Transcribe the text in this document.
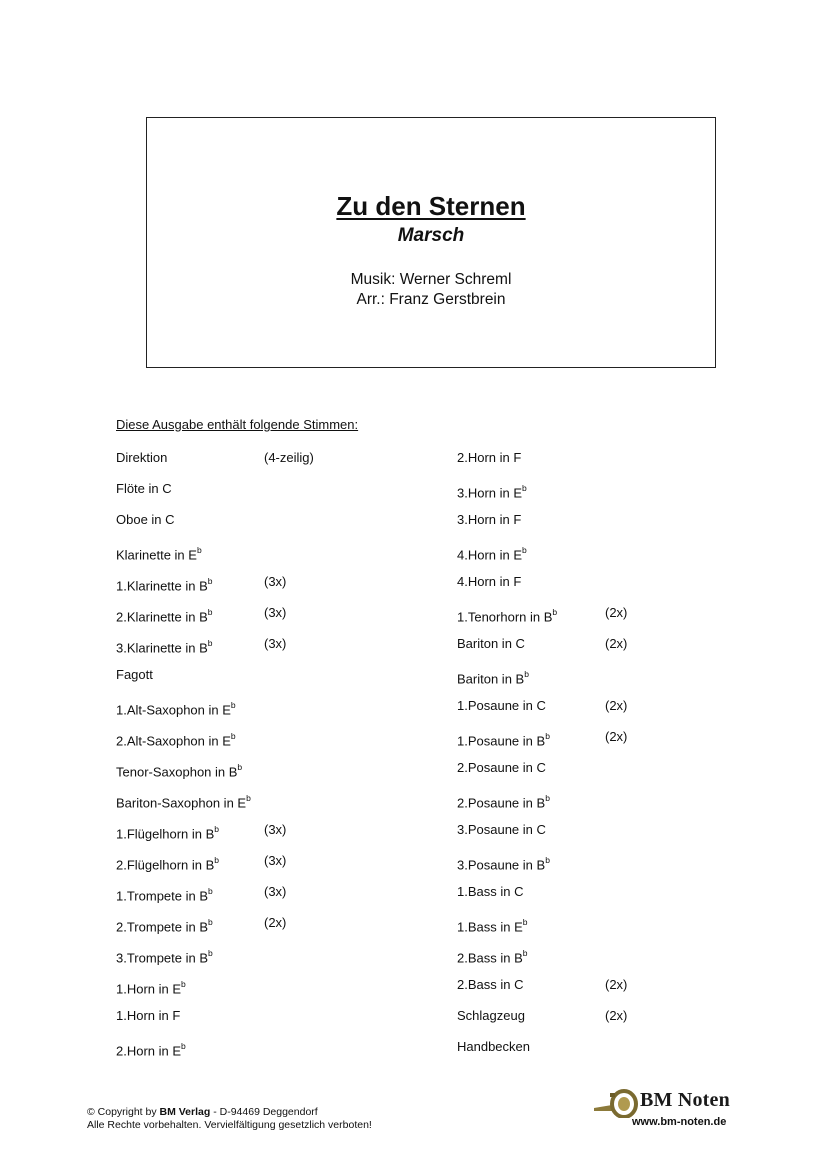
Zu den Sternen
Marsch
Musik: Werner Schreml
Arr.: Franz Gerstbrein
Diese Ausgabe enthält folgende Stimmen:
Direktion	(4-zeilig)
Flöte in C
Oboe in C
Klarinette in $E^b$
1.Klarinette in $B^b$	(3x)
2.Klarinette in $B^b$	(3x)
3.Klarinette in $B^b$	(3x)
Fagott
1.Alt-Saxophon in $E^b$
2.Alt-Saxophon in $E^b$
Tenor-Saxophon in $B^b$
Bariton-Saxophon in $E^b$
1.Flügelhorn in $B^b$	(3x)
2.Flügelhorn in $B^b$	(3x)
1.Trompete in $B^b$	(3x)
2.Trompete in $B^b$	(2x)
3.Trompete in $B^b$
1.Horn in $E^b$
1.Horn in F
2.Horn in $E^b$
2.Horn in F
3.Horn in $E^b$
3.Horn in F
4.Horn in $E^b$
4.Horn in F
1.Tenorhorn in $B^b$	(2x)
Bariton in C	(2x)
Bariton in $B^b$
1.Posaune in C	(2x)
1.Posaune in $B^b$	(2x)
2.Posaune in C
2.Posaune in $B^b$
3.Posaune in C
3.Posaune in $B^b$
1.Bass in C
1.Bass in $E^b$
2.Bass in $B^b$
2.Bass in C	(2x)
Schlagzeug	(2x)
Handbecken
© Copyright by BM Verlag - D-94469 Deggendorf
Alle Rechte vorbehalten. Vervielfältigung gesetzlich verboten!
BM Noten
www.bm-noten.de
